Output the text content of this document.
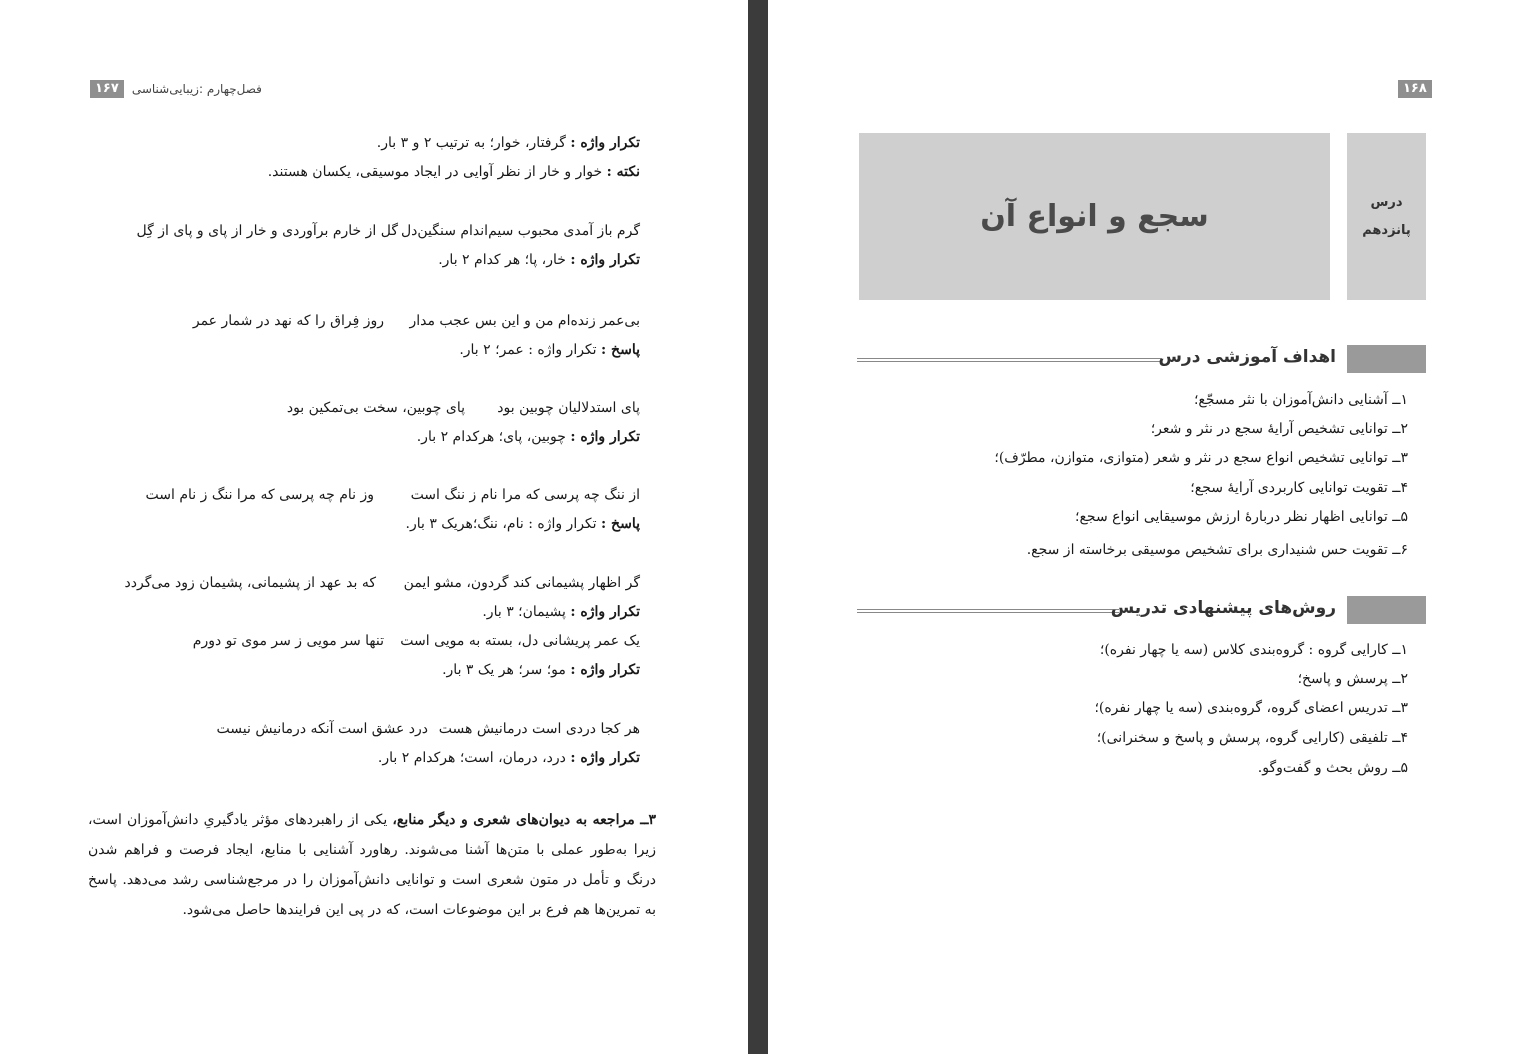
۱۶۷	فصل‌چهارم :زیبایی‌شناسی
تکرار واژه : گرفتار، خوار؛ به ترتیب ۲ و ۳ بار.
نکته : خوار و خار از نظر آوایی در ایجاد موسیقی، یکسان هستند.
گرم باز آمدی محبوب سیم‌اندام سنگین‌دل
گل از خارم برآوردی و خار از پای و پای از گِل
تکرار واژه : خار، پا؛ هر کدام ۲ بار.
بی‌عمر زنده‌ام من و این بس عجب مدار
روز فِراق را که نهد در شمار عمر
پاسخ : تکرار واژه : عمر؛ ۲ بار.
پای استدلالیان چوبین بود
پای چوبین، سخت بی‌تمکین بود
تکرار واژه : چوبین، پای؛ هرکدام ۲ بار.
از ننگ چه پرسی که مرا نام ز ننگ است
وز نام چه پرسی که مرا ننگ ز نام است
پاسخ : تکرار واژه : نام، ننگ؛هریک ۳ بار.
گر اظهار پشیمانی کند گردون، مشو ایمن
که بد عهد از پشیمانی، پشیمان زود می‌گردد
تکرار واژه : پشیمان؛ ۳ بار.
یک عمر پریشانی دل، بسته به مویی است
تنها سر مویی ز سر موی تو دورم
تکرار واژه : مو؛ سر؛ هر یک ۳ بار.
هر کجا دردی است درمانیش هست
درد عشق است آنکه درمانیش نیست
تکرار واژه : درد، درمان، است؛ هرکدام ۲ بار.
۳ــ مراجعه به دیوان‌های شعری و دیگر منابع، یکی از راهبردهای مؤثر یادگیریِ دانش‌آموزان است، زیرا به‌طور عملی با متن‌ها آشنا می‌شوند. رهاورد آشنایی با منابع، ایجاد فرصت و فراهم شدن درنگ و تأمل در متون شعری است و توانایی دانش‌آموزان را در مرجع‌شناسی رشد می‌دهد. پاسخ به تمرین‌ها هم فرع بر این موضوعات است، که در پی این فرایندها حاصل می‌شود.
۱۶۸
سجع و انواع آن	درس
پانزدهم
اهداف آموزشی درس
۱ــ آشنایی دانش‌آموزان با نثر مسجّع؛
۲ــ توانایی تشخیص آرایهٔ سجع در نثر و شعر؛
۳ــ توانایی تشخیص انواع سجع در نثر و شعر (متوازی، متوازن، مطرّف)؛
۴ــ تقویت توانایی کاربردی آرایهٔ سجع؛
۵ــ توانایی اظهار نظر دربارهٔ ارزش موسیقایی انواع سجع؛
۶ــ تقویت حس شنیداری برای تشخیص موسیقی برخاسته از سجع.
روش‌های پیشنهادی تدریس
۱ــ کارایی گروه : گروه‌بندی کلاس (سه یا چهار نفره)؛
۲ــ پرسش و پاسخ؛
۳ــ تدریس اعضای گروه، گروه‌بندی (سه یا چهار نفره)؛
۴ــ تلفیقی (کارایی گروه، پرسش و پاسخ و سخنرانی)؛
۵ــ روش بحث و گفت‌وگو.
